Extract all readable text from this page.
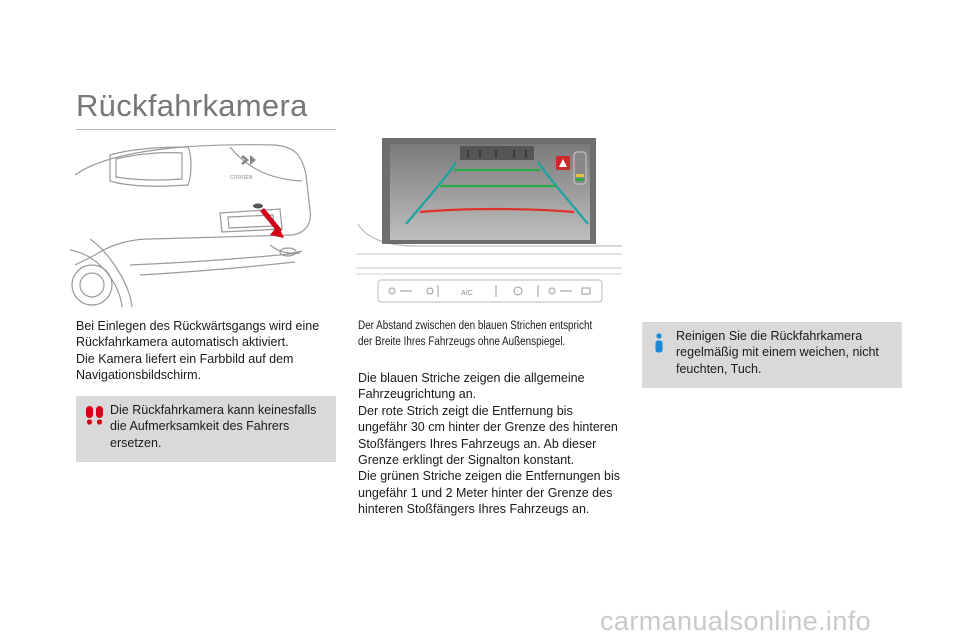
Rückfahrkamera
CITROËN
A/C

Bei Einlegen des Rückwärtsgangs wird eine

Rückfahrkamera automatisch aktiviert.

Die Kamera liefert ein Farbbild auf dem

Navigationsbildschirm.

Die Rückfahrkamera kann keinesfalls

die Aufmerksamkeit des Fahrers

ersetzen.

Der Abstand zwischen den blauen Strichen entspricht

der Breite Ihres Fahrzeugs ohne Außenspiegel.

Die blauen Striche zeigen die allgemeine

Fahrzeugrichtung an.

Der rote Strich zeigt die Entfernung bis

ungefähr 30 cm hinter der Grenze des hinteren

Stoßfängers Ihres Fahrzeugs an. Ab dieser

Grenze erklingt der Signalton konstant.

Die grünen Striche zeigen die Entfernungen bis

ungefähr 1 und 2 Meter hinter der Grenze des

hinteren Stoßfängers Ihres Fahrzeugs an.

Reinigen Sie die Rückfahrkamera

regelmäßig mit einem weichen, nicht

feuchten, Tuch.

carmanualsonline.info
